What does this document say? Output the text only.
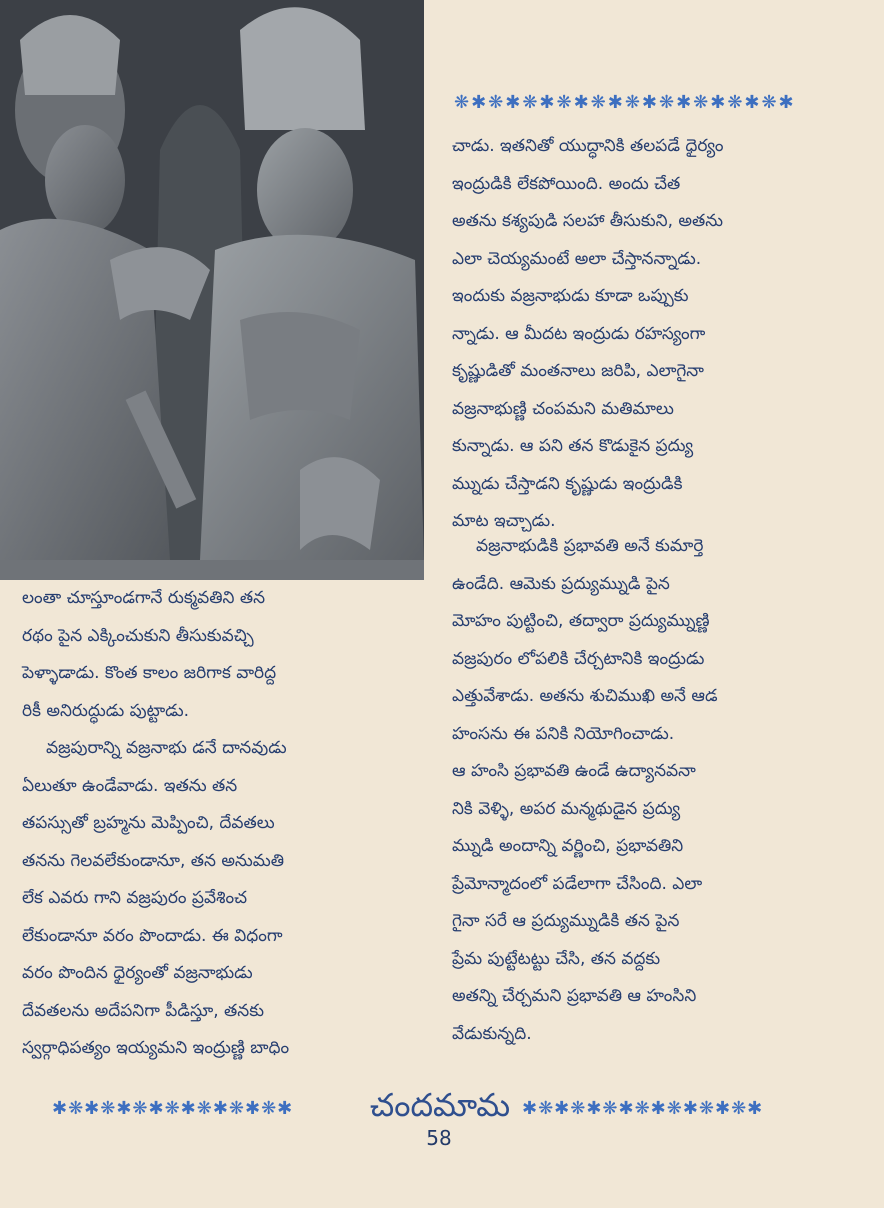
❋✱❋✱❋✱❋✱❋✱❋✱❋✱❋✱❋✱❋✱

చాడు. ఇతనితో యుద్ధానికి తలపడే ధైర్యం

ఇంద్రుడికి లేకపోయింది. అందు చేత

అతను కశ్యపుడి సలహా తీసుకుని, అతను

ఎలా చెయ్యమంటే అలా చేస్తానన్నాడు.

ఇందుకు వజ్రనాభుడు కూడా ఒప్పుకు

న్నాడు. ఆ మీదట ఇంద్రుడు రహస్యంగా

కృష్ణుడితో మంతనాలు జరిపి, ఎలాగైనా

వజ్రనాభుణ్ణి చంపమని మతిమాలు

కున్నాడు. ఆ పని తన కొడుకైన ప్రద్యు

మ్నుడు చేస్తాడని కృష్ణుడు ఇంద్రుడికి

మాట ఇచ్చాడు.

వజ్రనాభుడికి ప్రభావతి అనే కుమార్తె

ఉండేది. ఆమెకు ప్రద్యుమ్నుడి పైన

మోహం పుట్టించి, తద్వారా ప్రద్యుమ్నుణ్ణి

వజ్రపురం లోపలికి చేర్చటానికి ఇంద్రుడు

ఎత్తువేశాడు. అతను శుచిముఖి అనే ఆడ

హంసను ఈ పనికి నియోగించాడు.

ఆ హంసి ప్రభావతి ఉండే ఉద్యానవనా

నికి వెళ్ళి, అపర మన్మథుడైన ప్రద్యు

మ్నుడి అందాన్ని వర్ణించి, ప్రభావతిని

ప్రేమోన్మాదంలో పడేలాగా చేసింది. ఎలా

గైనా సరే ఆ ప్రద్యుమ్నుడికి తన పైన

ప్రేమ పుట్టేటట్టు చేసి, తన వద్దకు

అతన్ని చేర్చమని ప్రభావతి ఆ హంసిని

వేడుకున్నది.

లంతా చూస్తూండగానే రుక్మవతిని తన

రథం పైన ఎక్కించుకుని తీసుకువచ్చి

పెళ్ళాడాడు. కొంత కాలం జరిగాక వారిద్ద

రికీ అనిరుద్ధుడు పుట్టాడు.

వజ్రపురాన్ని వజ్రనాభు డనే దానవుడు

ఏలుతూ ఉండేవాడు. ఇతను తన

తపస్సుతో బ్రహ్మను మెప్పించి, దేవతలు

తనను గెలవలేకుండానూ, తన అనుమతి

లేక ఎవరు గాని వజ్రపురం ప్రవేశించ

లేకుండానూ వరం పొందాడు. ఈ విధంగా

వరం పొందిన ధైర్యంతో వజ్రనాభుడు

దేవతలను అదేపనిగా పీడిస్తూ, తనకు

స్వర్గాధిపత్యం ఇయ్యమని ఇంద్రుణ్ణి బాధిం

✱❋✱❋✱❋✱❋✱❋✱❋✱❋✱	చందమామ ✱❋✱❋✱❋✱❋✱❋✱❋✱❋✱
58
